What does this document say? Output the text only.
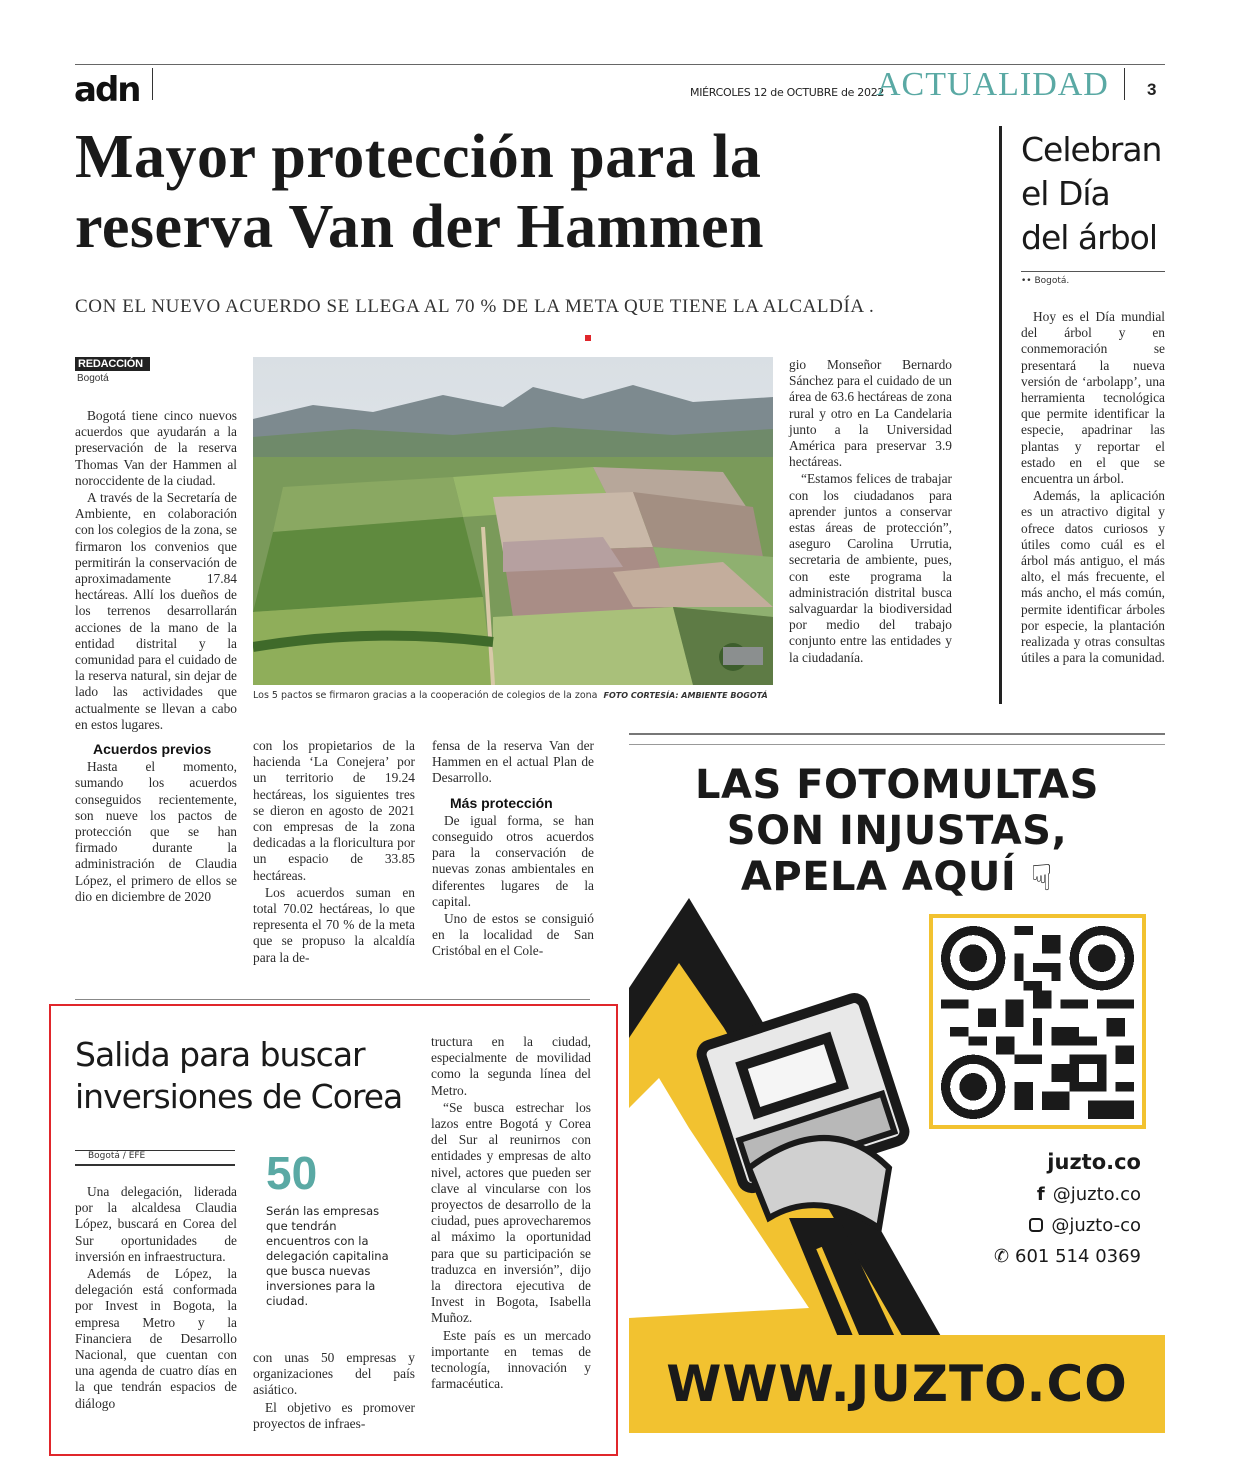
adn	MIÉRCOLES 12 de OCTUBRE de 2022
ACTUALIDAD 3
Mayor protección para la reserva Van der Hammen
CON EL NUEVO ACUERDO SE LLEGA AL 70 % DE LA META QUE TIENE LA ALCALDÍA .
REDACCIÓN
Bogotá

Bogotá tiene cinco nuevos acuerdos que ayudarán a la preservación de la reserva Thomas Van der Hammen al noroccidente de la ciudad.

A través de la Secretaría de Ambiente, en colaboración con los colegios de la zona, se firmaron los convenios que permitirán la conservación de aproximadamente 17.84 hectáreas. Allí los dueños de los terrenos desarrollarán acciones de la mano de la entidad distrital y la comunidad para el cuidado de la reserva natural, sin dejar de lado las actividades que actualmente se llevan a cabo en estos lugares.

Acuerdos previos

Hasta el momento, sumando los acuerdos conseguidos recientemente, son nueve los pactos de protección que se han firmado durante la administración de Claudia López, el primero de ellos se dio en diciembre de 2020

Los 5 pactos se firmaron gracias a la cooperación de colegios de la zona FOTO CORTESÍA: AMBIENTE BOGOTÁ

con los propietarios de la hacienda ‘La Conejera’ por un territorio de 19.24 hectáreas, los siguientes tres se dieron en agosto de 2021 con empresas de la zona dedicadas a la floricultura por un espacio de 33.85 hectáreas.

Los acuerdos suman en total 70.02 hectáreas, lo que representa el 70 % de la meta que se propuso la alcaldía para la de-

fensa de la reserva Van der Hammen en el actual Plan de Desarrollo.

Más protección

De igual forma, se han conseguido otros acuerdos para la conservación de nuevas zonas ambientales en diferentes lugares de la capital.

Uno de estos se consiguió en la localidad de San Cristóbal en el Cole-

gio Monseñor Bernardo Sánchez para el cuidado de un área de 63.6 hectáreas de zona rural y otro en La Candelaria junto a la Universidad América para preservar 3.9 hectáreas.

“Estamos felices de trabajar con los ciudadanos para aprender juntos a conservar estas áreas de protección”, aseguro Carolina Urrutia, secretaria de ambiente, pues, con este programa la administración distrital busca salvaguardar la biodiversidad por medio del trabajo conjunto entre las entidades y la ciudadanía.

Celebran el Día del árbol
•• Bogotá.

Hoy es el Día mundial del árbol y en conmemoración se presentará la nueva versión de ‘arbolapp’, una herramienta tecnológica que permite identificar la especie, apadrinar las plantas y reportar el estado en el que se encuentra un árbol.

Además, la aplicación es un atractivo digital y ofrece datos curiosos y útiles como cuál es el árbol más antiguo, el más alto, el más frecuente, el más ancho, el más común, permite identificar árboles por especie, la plantación realizada y otras consultas útiles a para la comunidad.

Salida para buscar inversiones de Corea
Bogotá / EFE

Una delegación, liderada por la alcaldesa Claudia López, buscará en Corea del Sur oportunidades de inversión en infraestructura.

Además de López, la delegación está conformada por Invest in Bogota, la empresa Metro y la Financiera de Desarrollo Nacional, que cuentan con una agenda de cuatro días en la que tendrán espacios de diálogo

50
Serán las empresas que tendrán encuentros con la delegación capitalina que busca nuevas inversiones para la ciudad.

con unas 50 empresas y organizaciones del país asiático.

El objetivo es promover proyectos de infraes-

tructura en la ciudad, especialmente de movilidad como la segunda línea del Metro.

“Se busca estrechar los lazos entre Bogotá y Corea del Sur al reunirnos con entidades y empresas de alto nivel, actores que pueden ser clave al vincularse con los proyectos de desarrollo de la ciudad, pues aprovecharemos al máximo la oportunidad para que su participación se traduzca en inversión”, dijo la directora ejecutiva de Invest in Bogota, Isabella Muñoz.

Este país es un mercado importante en temas de tecnología, innovación y farmacéutica.

LAS FOTOMULTAS
SON INJUSTAS,
APELA AQUÍ ☟
juzto.co
f @juzto.co
@juzto-co
✆ 601 514 0369
WWW.JUZTO.CO
